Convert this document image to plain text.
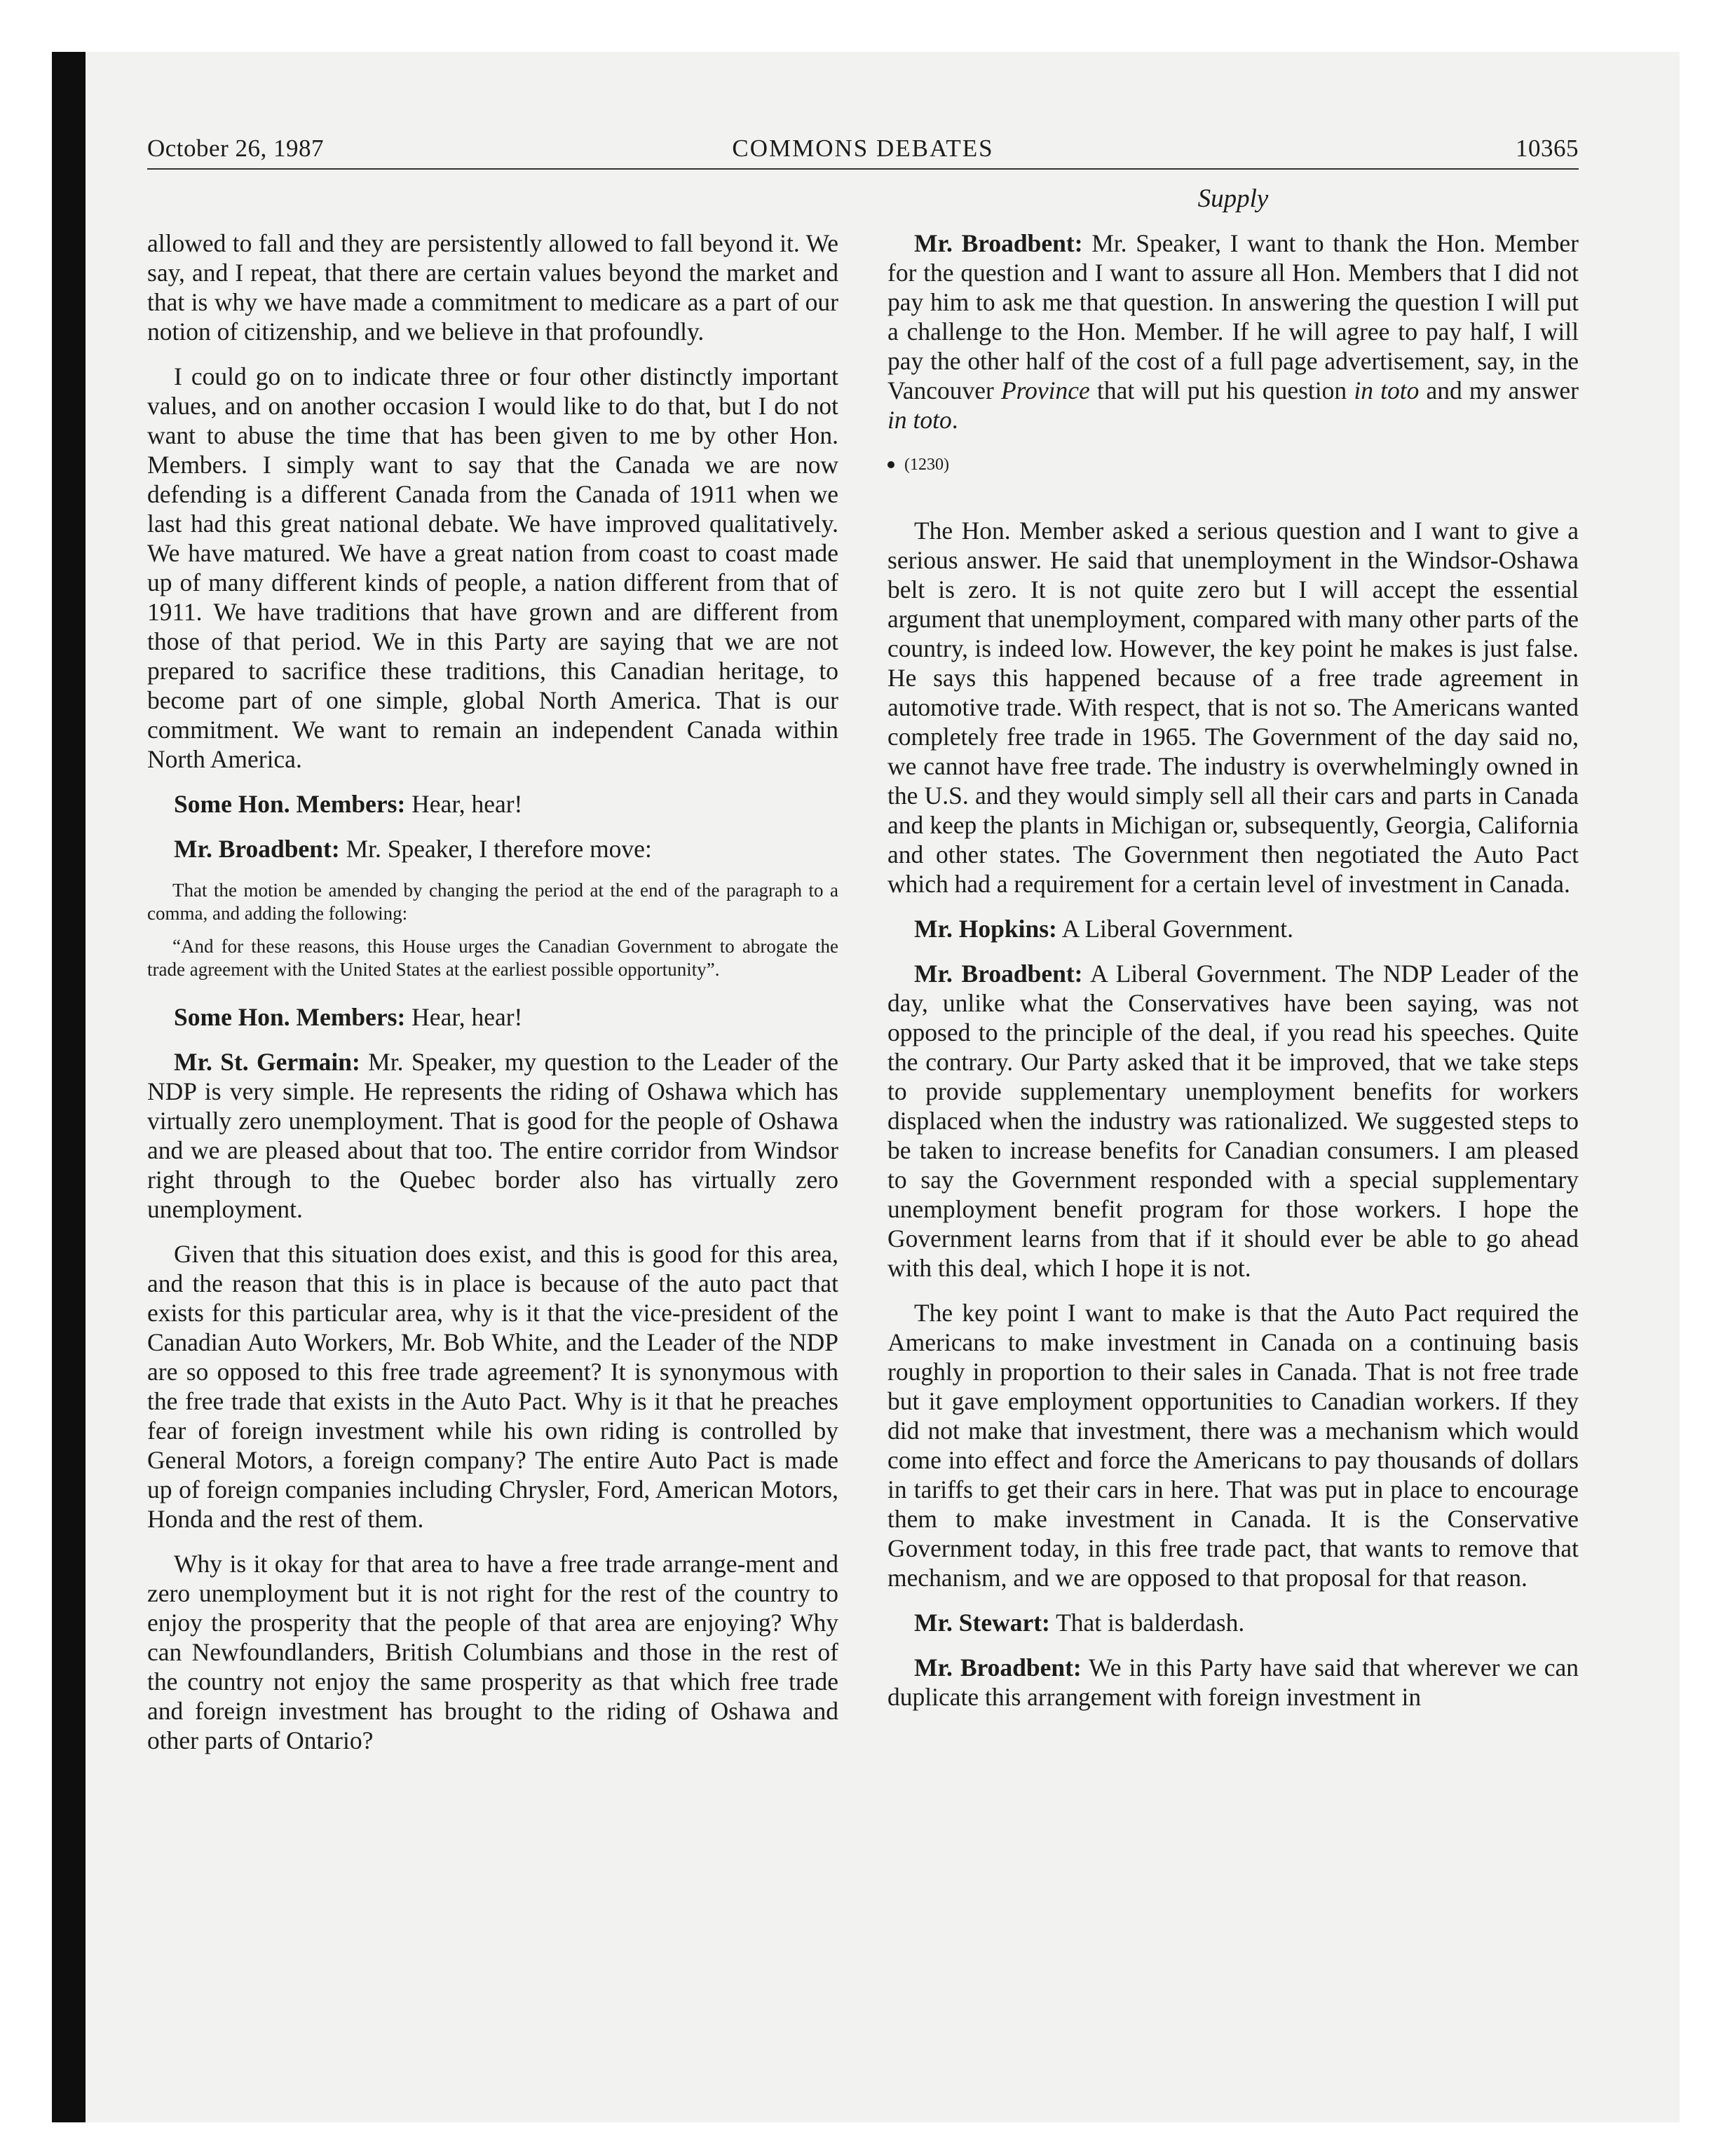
October 26, 1987	COMMONS DEBATES	10365
Supply

allowed to fall and they are persistently allowed to fall beyond it. We say, and I repeat, that there are certain values beyond the market and that is why we have made a commitment to medicare as a part of our notion of citizenship, and we believe in that profoundly.

I could go on to indicate three or four other distinctly important values, and on another occasion I would like to do that, but I do not want to abuse the time that has been given to me by other Hon. Members. I simply want to say that the Canada we are now defending is a different Canada from the Canada of 1911 when we last had this great national debate. We have improved qualitatively. We have matured. We have a great nation from coast to coast made up of many different kinds of people, a nation different from that of 1911. We have traditions that have grown and are different from those of that period. We in this Party are saying that we are not prepared to sacrifice these traditions, this Canadian heritage, to become part of one simple, global North America. That is our commitment. We want to remain an independent Canada within North America.

Some Hon. Members: Hear, hear!

Mr. Broadbent: Mr. Speaker, I therefore move:

That the motion be amended by changing the period at the end of the paragraph to a comma, and adding the following:

“And for these reasons, this House urges the Canadian Government to abrogate the trade agreement with the United States at the earliest possible opportunity”.

Some Hon. Members: Hear, hear!

Mr. St. Germain: Mr. Speaker, my question to the Leader of the NDP is very simple. He represents the riding of Oshawa which has virtually zero unemployment. That is good for the people of Oshawa and we are pleased about that too. The entire corridor from Windsor right through to the Quebec border also has virtually zero unemployment.

Given that this situation does exist, and this is good for this area, and the reason that this is in place is because of the auto pact that exists for this particular area, why is it that the vice-president of the Canadian Auto Workers, Mr. Bob White, and the Leader of the NDP are so opposed to this free trade agreement? It is synonymous with the free trade that exists in the Auto Pact. Why is it that he preaches fear of foreign investment while his own riding is controlled by General Motors, a foreign company? The entire Auto Pact is made up of foreign companies including Chrysler, Ford, American Motors, Honda and the rest of them.

Why is it okay for that area to have a free trade arrange-ment and zero unemployment but it is not right for the rest of the country to enjoy the prosperity that the people of that area are enjoying? Why can Newfoundlanders, British Columbians and those in the rest of the country not enjoy the same prosperity as that which free trade and foreign investment has brought to the riding of Oshawa and other parts of Ontario?

Mr. Broadbent: Mr. Speaker, I want to thank the Hon. Member for the question and I want to assure all Hon. Members that I did not pay him to ask me that question. In answering the question I will put a challenge to the Hon. Member. If he will agree to pay half, I will pay the other half of the cost of a full page advertisement, say, in the Vancouver Province that will put his question in toto and my answer in toto.

(1230)

The Hon. Member asked a serious question and I want to give a serious answer. He said that unemployment in the Windsor-Oshawa belt is zero. It is not quite zero but I will accept the essential argument that unemployment, compared with many other parts of the country, is indeed low. However, the key point he makes is just false. He says this happened because of a free trade agreement in automotive trade. With respect, that is not so. The Americans wanted completely free trade in 1965. The Government of the day said no, we cannot have free trade. The industry is overwhelmingly owned in the U.S. and they would simply sell all their cars and parts in Canada and keep the plants in Michigan or, subsequently, Georgia, California and other states. The Government then negotiated the Auto Pact which had a requirement for a certain level of investment in Canada.

Mr. Hopkins: A Liberal Government.

Mr. Broadbent: A Liberal Government. The NDP Leader of the day, unlike what the Conservatives have been saying, was not opposed to the principle of the deal, if you read his speeches. Quite the contrary. Our Party asked that it be improved, that we take steps to provide supplementary unemployment benefits for workers displaced when the industry was rationalized. We suggested steps to be taken to increase benefits for Canadian consumers. I am pleased to say the Government responded with a special supplementary unemployment benefit program for those workers. I hope the Government learns from that if it should ever be able to go ahead with this deal, which I hope it is not.

The key point I want to make is that the Auto Pact required the Americans to make investment in Canada on a continuing basis roughly in proportion to their sales in Canada. That is not free trade but it gave employment opportunities to Canadian workers. If they did not make that investment, there was a mechanism which would come into effect and force the Americans to pay thousands of dollars in tariffs to get their cars in here. That was put in place to encourage them to make investment in Canada. It is the Conservative Government today, in this free trade pact, that wants to remove that mechanism, and we are opposed to that proposal for that reason.

Mr. Stewart: That is balderdash.

Mr. Broadbent: We in this Party have said that wherever we can duplicate this arrangement with foreign investment in
